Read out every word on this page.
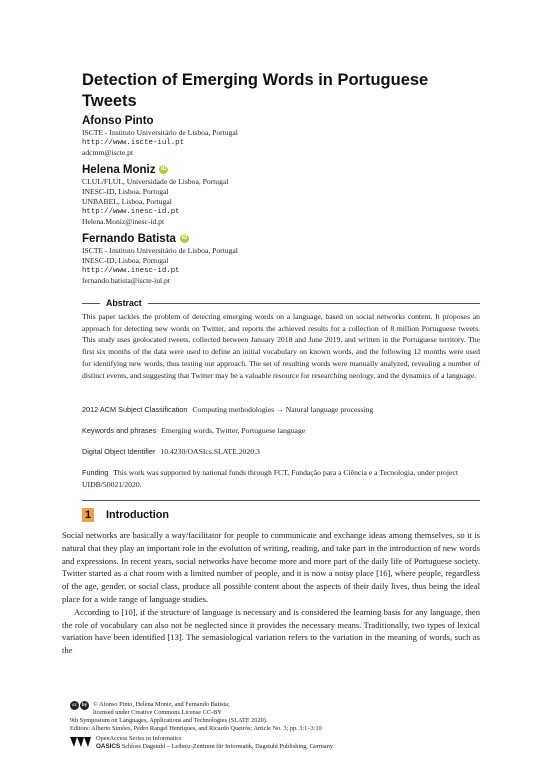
Detection of Emerging Words in Portuguese
Tweets
Afonso Pinto
ISCTE - Instituto Universitário de Lisboa, Portugal
http://www.iscte-iul.pt
adcmm@iscte.pt
Helena Moniz iD
CLUL/FLUL, Universidade de Lisboa, Portugal
INESC-ID, Lisboa, Portugal
UNBABEL, Lisboa, Portugal
http://www.inesc-id.pt
Helena.Moniz@inesc-id.pt
Fernando Batista iD
ISCTE - Instituto Universitário de Lisboa, Portugal
INESC-ID, Lisboa, Portugal
http://www.inesc-id.pt
fernando.batista@iscte-iul.pt
Abstract
This paper tackles the problem of detecting emerging words on a language, based on social networks content. It proposes an approach for detecting new words on Twitter, and reports the achieved results for a collection of 8 million Portuguese tweets. This study uses geolocated tweets, collected between January 2018 and June 2019, and written in the Portuguese territory. The first six months of the data were used to define an initial vocabulary on known words, and the following 12 months were used for identifying new words, thus testing our approach. The set of resulting words were manually analyzed, revealing a number of distinct events, and suggesting that Twitter may be a valuable resource for researching neology, and the dynamics of a language.
2012 ACM Subject Classification Computing methodologies → Natural language processing
Keywords and phrases Emerging words, Twitter, Portuguese language
Digital Object Identifier 10.4230/OASIcs.SLATE.2020.3
Funding This work was supported by national funds through FCT, Fundação para a Ciência e a Tecnologia, under project UIDB/50021/2020.
1 Introduction

Social networks are basically a way/facilitator for people to communicate and exchange ideas among themselves, so it is natural that they play an important role in the evolution of writing, reading, and take part in the introduction of new words and expressions. In recent years, social networks have become more and more part of the daily life of Portuguese society. Twitter started as a chat room with a limited number of people, and it is now a noisy place [16], where people, regardless of the age, gender, or social class, produce all possible content about the aspects of their daily lives, thus being the ideal place for a wide range of language studies.

According to [10], if the structure of language is necessary and is considered the learning basis for any language, then the role of vocabulary can also not be neglected since it provides the necessary means. Traditionally, two types of lexical variation have been identified [13]. The semasiological variation refers to the variation in the meaning of words, such as the

cc	by © Afonso Pinto, Helena Moniz, and Fernando Batista;
licensed under Creative Commons License CC-BY
9th Symposium on Languages, Applications and Technologies (SLATE 2020).
Editors: Alberto Simões, Pedro Rangel Henriques, and Ricardo Queirós; Article No. 3; pp. 3:1–3:10
OpenAccess Series in Informatics
OASICS Schloss Dagstuhl – Leibniz-Zentrum für Informatik, Dagstuhl Publishing, Germany
